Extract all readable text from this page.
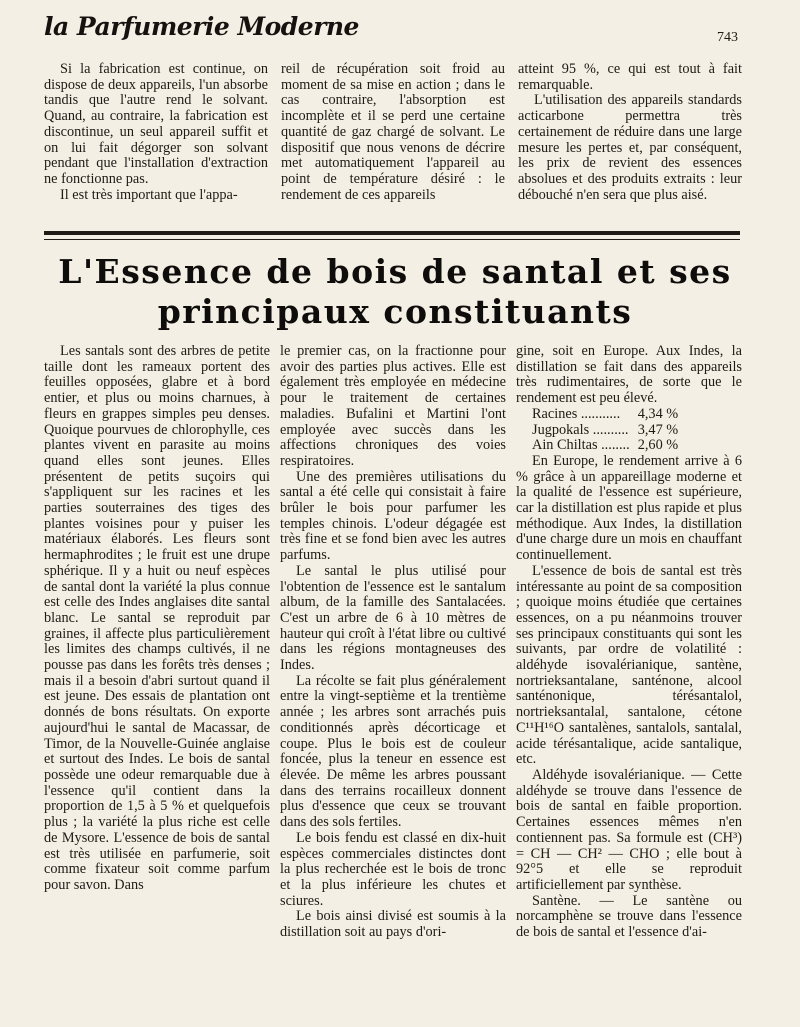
la Parfumerie Moderne	743

Si la fabrication est continue, on dispose de deux appareils, l'un absorbe tandis que l'autre rend le solvant. Quand, au contraire, la fabrication est discontinue, un seul appareil suffit et on lui fait dégorger son solvant pendant que l'installation d'extraction ne fonctionne pas.

Il est très important que l'appa-

reil de récupération soit froid au moment de sa mise en action ; dans le cas contraire, l'absorption est incomplète et il se perd une certaine quantité de gaz chargé de solvant. Le dispositif que nous venons de décrire met automatiquement l'appareil au point de température désiré : le rendement de ces appareils

atteint 95 %, ce qui est tout à fait remarquable.

L'utilisation des appareils standards acticarbone permettra très certainement de réduire dans une large mesure les pertes et, par conséquent, les prix de revient des essences absolues et des produits extraits : leur débouché n'en sera que plus aisé.

L'Essence de bois de santal et ses
principaux constituants

Les santals sont des arbres de petite taille dont les rameaux portent des feuilles opposées, glabre et à bord entier, et plus ou moins charnues, à fleurs en grappes simples peu denses. Quoique pourvues de chlorophylle, ces plantes vivent en parasite au moins quand elles sont jeunes. Elles présentent de petits suçoirs qui s'appliquent sur les racines et les parties souterraines des tiges des plantes voisines pour y puiser les matériaux élaborés. Les fleurs sont hermaphrodites ; le fruit est une drupe sphérique. Il y a huit ou neuf espèces de santal dont la variété la plus connue est celle des Indes anglaises dite santal blanc. Le santal se reproduit par graines, il affecte plus particulièrement les limites des champs cultivés, il ne pousse pas dans les forêts très denses ; mais il a besoin d'abri surtout quand il est jeune. Des essais de plantation ont donnés de bons résultats. On exporte aujourd'hui le santal de Macassar, de Timor, de la Nouvelle-Guinée anglaise et surtout des Indes. Le bois de santal possède une odeur remarquable due à l'essence qu'il contient dans la proportion de 1,5 à 5 % et quelquefois plus ; la variété la plus riche est celle de Mysore. L'essence de bois de santal est très utilisée en parfumerie, soit comme fixateur soit comme parfum pour savon. Dans

le premier cas, on la fractionne pour avoir des parties plus actives. Elle est également très employée en médecine pour le traitement de certaines maladies. Bufalini et Martini l'ont employée avec succès dans les affections chroniques des voies respiratoires.

Une des premières utilisations du santal a été celle qui consistait à faire brûler le bois pour parfumer les temples chinois. L'odeur dégagée est très fine et se fond bien avec les autres parfums.

Le santal le plus utilisé pour l'obtention de l'essence est le santalum album, de la famille des Santalacées. C'est un arbre de 6 à 10 mètres de hauteur qui croît à l'état libre ou cultivé dans les régions montagneuses des Indes.

La récolte se fait plus généralement entre la vingt-septième et la trentième année ; les arbres sont arrachés puis conditionnés après décorticage et coupe. Plus le bois est de couleur foncée, plus la teneur en essence est élevée. De même les arbres poussant dans des terrains rocailleux donnent plus d'essence que ceux se trouvant dans des sols fertiles.

Le bois fendu est classé en dix-huit espèces commerciales distinctes dont la plus recherchée est le bois de tronc et la plus inférieure les chutes et sciures.

Le bois ainsi divisé est soumis à la distillation soit au pays d'ori-

gine, soit en Europe. Aux Indes, la distillation se fait dans des appareils très rudimentaires, de sorte que le rendement est peu élevé.

Racines ...........	4,34 %
Jugpokals ..........	3,47 %
Ain Chiltas ........	2,60 %

En Europe, le rendement arrive à 6 % grâce à un appareillage moderne et la qualité de l'essence est supérieure, car la distillation est plus rapide et plus méthodique. Aux Indes, la distillation d'une charge dure un mois en chauffant continuellement.

L'essence de bois de santal est très intéressante au point de sa composition ; quoique moins étudiée que certaines essences, on a pu néanmoins trouver ses principaux constituants qui sont les suivants, par ordre de volatilité : aldéhyde isovalérianique, santène, nortrieksantalane, santénone, alcool santénonique, térésantalol, nortrieksantalal, santalone, cétone C¹¹H¹⁶O santalènes, santalols, santalal, acide térésantalique, acide santalique, etc.

Aldéhyde isovalérianique. — Cette aldéhyde se trouve dans l'essence de bois de santal en faible proportion. Certaines essences mêmes n'en contiennent pas. Sa formule est (CH³) = CH — CH² — CHO ; elle bout à 92°5 et elle se reproduit artificiellement par synthèse.

Santène. — Le santène ou norcamphène se trouve dans l'essence de bois de santal et l'essence d'ai-
